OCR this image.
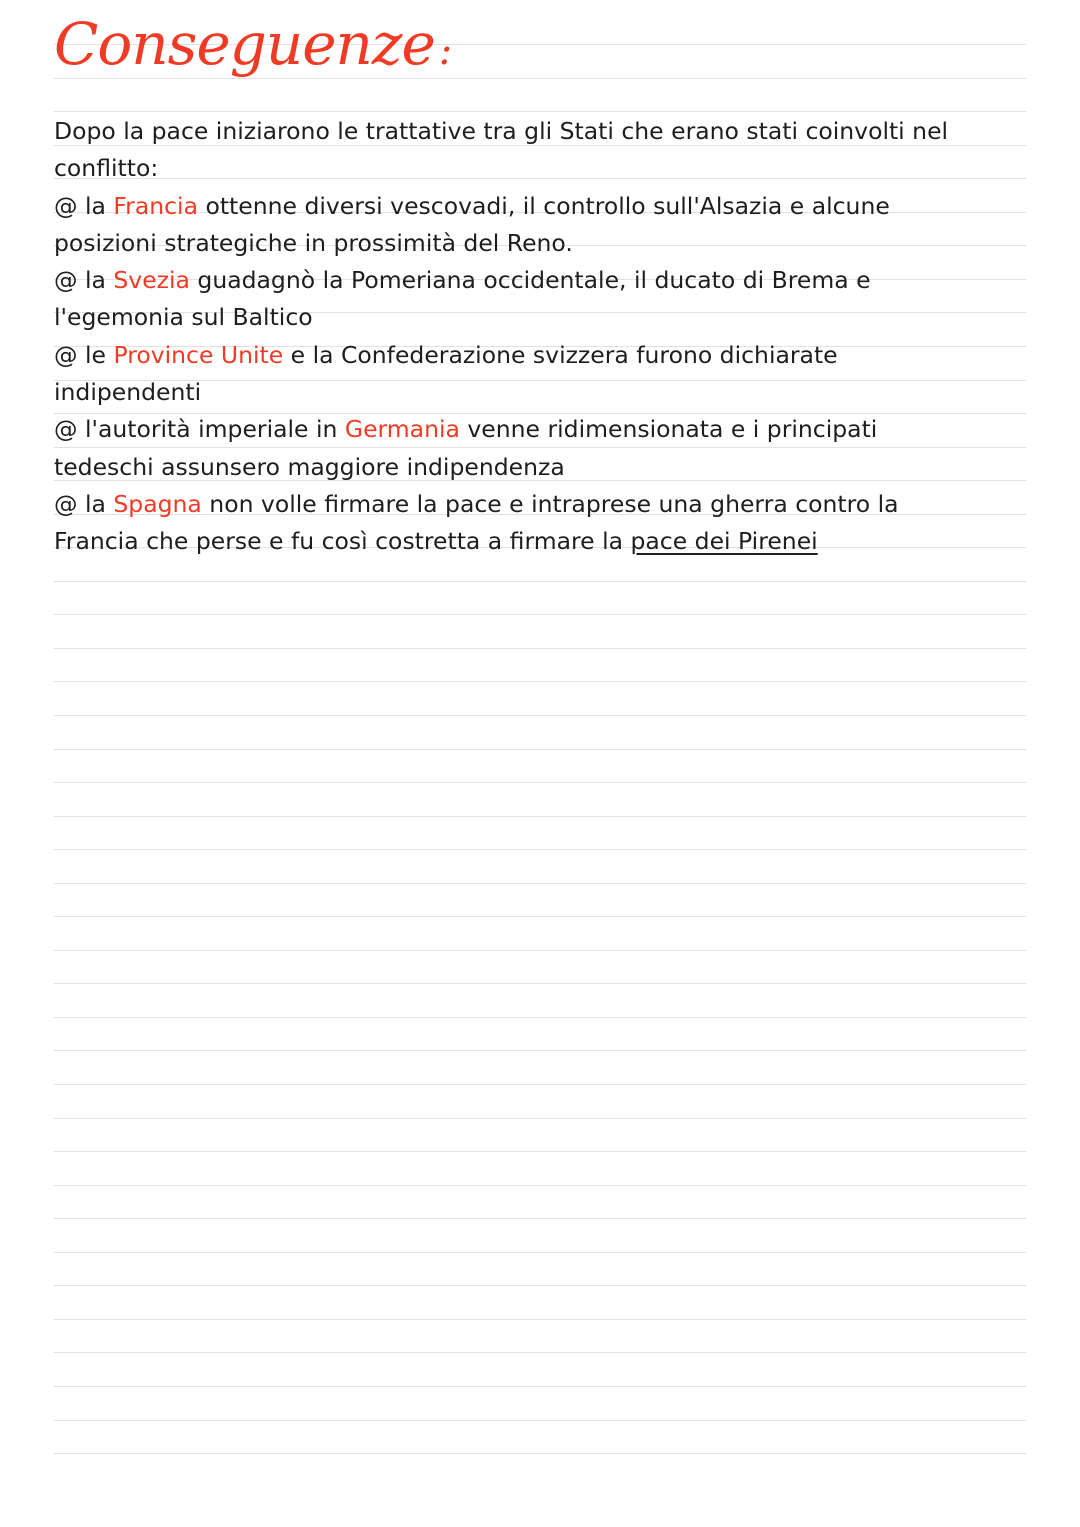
Conseguenze :
Dopo la pace iniziarono le trattative tra gli Stati che erano stati coinvolti nel
conflitto:
@ la Francia ottenne diversi vescovadi, il controllo sull'Alsazia e alcune
posizioni strategiche in prossimità del Reno.
@ la Svezia guadagnò la Pomeriana occidentale, il ducato di Brema e
l'egemonia sul Baltico
@ le Province Unite e la Confederazione svizzera furono dichiarate
indipendenti
@ l'autorità imperiale in Germania venne ridimensionata e i principati
tedeschi assunsero maggiore indipendenza
@ la Spagna non volle firmare la pace e intraprese una gherra contro la
Francia che perse e fu così costretta a firmare la pace dei Pirenei
